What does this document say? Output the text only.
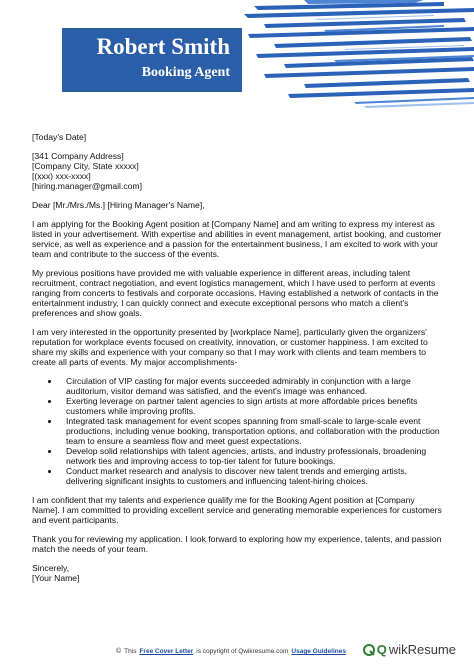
Robert Smith
Booking Agent

[Today's Date]

[341 Company Address]

[Company City, State xxxxx]

[(xxx) xxx-xxxx]

[hiring.manager@gmail.com]

Dear [Mr./Mrs./Ms.] [Hiring Manager's Name],

I am applying for the Booking Agent position at [Company Name] and am writing to express my interest as listed in your advertisement. With expertise and abilities in event management, artist booking, and customer service, as well as experience and a passion for the entertainment business, I am excited to work with your team and contribute to the success of the events.

My previous positions have provided me with valuable experience in different areas, including talent recruitment, contract negotiation, and event logistics management, which I have used to perform at events ranging from concerts to festivals and corporate occasions. Having established a network of contacts in the entertainment industry, I can quickly connect and execute exceptional persons who match a client's preferences and show goals.

I am very interested in the opportunity presented by [workplace Name], particularly given the organizers' reputation for workplace events focused on creativity, innovation, or customer happiness. I am excited to share my skills and experience with your company so that I may work with clients and team members to create all parts of events. My major accomplishments-

• Circulation of VIP casting for major events succeeded admirably in conjunction with a large auditorium, visitor demand was satisfied, and the event's image was enhanced.
• Exerting leverage on partner talent agencies to sign artists at more affordable prices benefits customers while improving profits.
• Integrated task management for event scopes spanning from small-scale to large-scale event productions, including venue booking, transportation options, and collaboration with the production team to ensure a seamless flow and meet guest expectations.
• Develop solid relationships with talent agencies, artists, and industry professionals, broadening network ties and improving access to top-tier talent for future bookings.
• Conduct market research and analysis to discover new talent trends and emerging artists, delivering significant insights to customers and influencing talent-hiring choices.

I am confident that my talents and experience qualify me for the Booking Agent position at [Company Name]. I am committed to providing excellent service and generating memorable experiences for customers and event participants.

Thank you for reviewing my application. I look forward to exploring how my experience, talents, and passion match the needs of your team.

Sincerely,

[Your Name]

© This Free Cover Letter is copyright of Qwikresume.com Usage Guidelines Q wikResume
